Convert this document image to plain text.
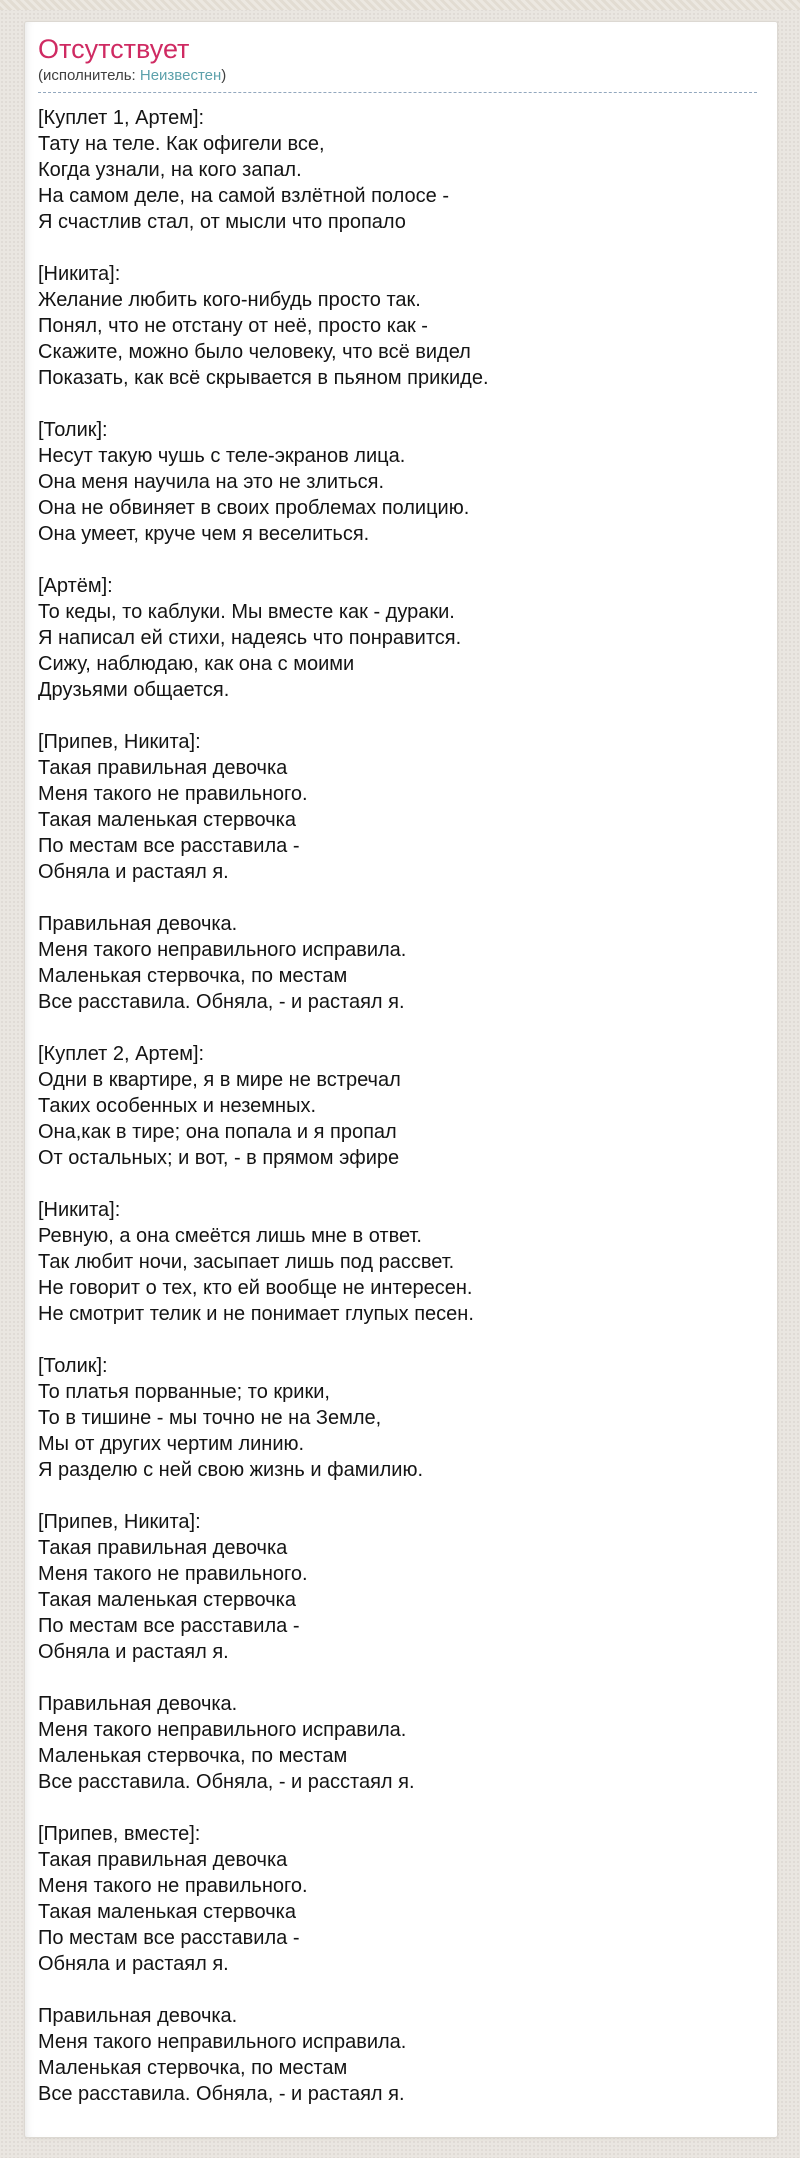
Отсутствует
(исполнитель: Неизвестен)

[Куплет 1, Артем]:
Тату на теле. Как офигели все,
Когда узнали, на кого запал.
На самом деле, на самой взлётной полосе -
Я счастлив стал, от мысли что пропало

[Никита]:
Желание любить кого-нибудь просто так.
Понял, что не отстану от неё, просто как -
Скажите, можно было человеку, что всё видел
Показать, как всё скрывается в пьяном прикиде.

[Толик]:
Несут такую чушь с теле-экранов лица.
Она меня научила на это не злиться.
Она не обвиняет в своих проблемах полицию.
Она умеет, круче чем я веселиться.

[Артём]:
То кеды, то каблуки. Мы вместе как - дураки.
Я написал ей стихи, надеясь что понравится.
Сижу, наблюдаю, как она с моими
Друзьями общается.

[Припев, Никита]:
Такая правильная девочка
Меня такого не правильного.
Такая маленькая стервочка
По местам все расставила -
Обняла и растаял я.

Правильная девочка.
Меня такого неправильного исправила.
Маленькая стервочка, по местам
Все расставила. Обняла, - и растаял я.

[Куплет 2, Артем]:
Одни в квартире, я в мире не встречал
Таких особенных и неземных.
Она,как в тире; она попала и я пропал
От остальных; и вот, - в прямом эфире

[Никита]:
Ревную, а она смеётся лишь мне в ответ.
Так любит ночи, засыпает лишь под рассвет.
Не говорит о тех, кто ей вообще не интересен.
Не смотрит телик и не понимает глупых песен.

[Толик]:
То платья порванные; то крики,
То в тишине - мы точно не на Земле,
Мы от других чертим линию.
Я разделю с ней свою жизнь и фамилию.

[Припев, Никита]:
Такая правильная девочка
Меня такого не правильного.
Такая маленькая стервочка
По местам все расставила -
Обняла и растаял я.

Правильная девочка.
Меня такого неправильного исправила.
Маленькая стервочка, по местам
Все расставила. Обняла, - и расстаял я.

[Припев, вместе]:
Такая правильная девочка
Меня такого не правильного.
Такая маленькая стервочка
По местам все расставила -
Обняла и растаял я.

Правильная девочка.
Меня такого неправильного исправила.
Маленькая стервочка, по местам
Все расставила. Обняла, - и растаял я.
